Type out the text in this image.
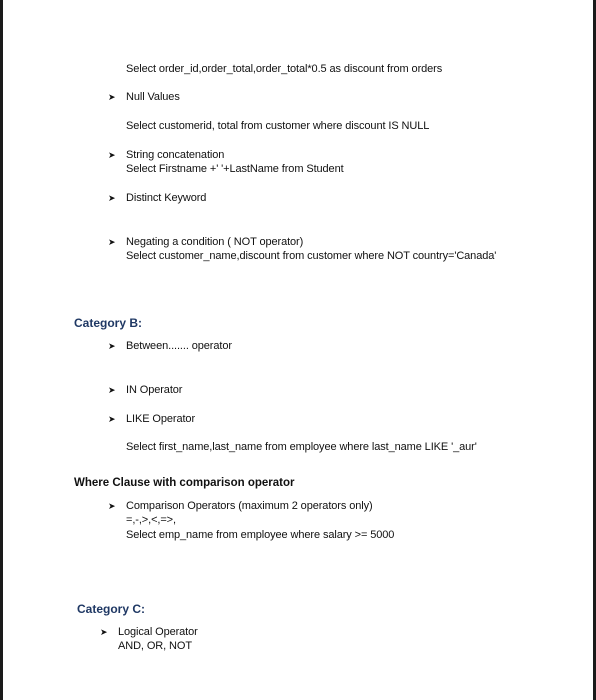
Select order_id,order_total,order_total*0.5 as discount from orders
➤ Null Values
Select customerid, total from customer where discount IS NULL
➤ String concatenation
Select Firstname +' '+LastName from Student
➤ Distinct Keyword
➤ Negating a condition ( NOT operator)
Select customer_name,discount from customer where NOT country='Canada'
Category B:
➤ Between....... operator
➤ IN Operator
➤ LIKE Operator
Select first_name,last_name from employee where last_name LIKE '_aur'
Where Clause with comparison operator
➤ Comparison Operators (maximum 2 operators only)
=,-,>,<,=>,
Select emp_name from employee where salary >= 5000
Category C:
➤ Logical Operator
AND, OR, NOT
